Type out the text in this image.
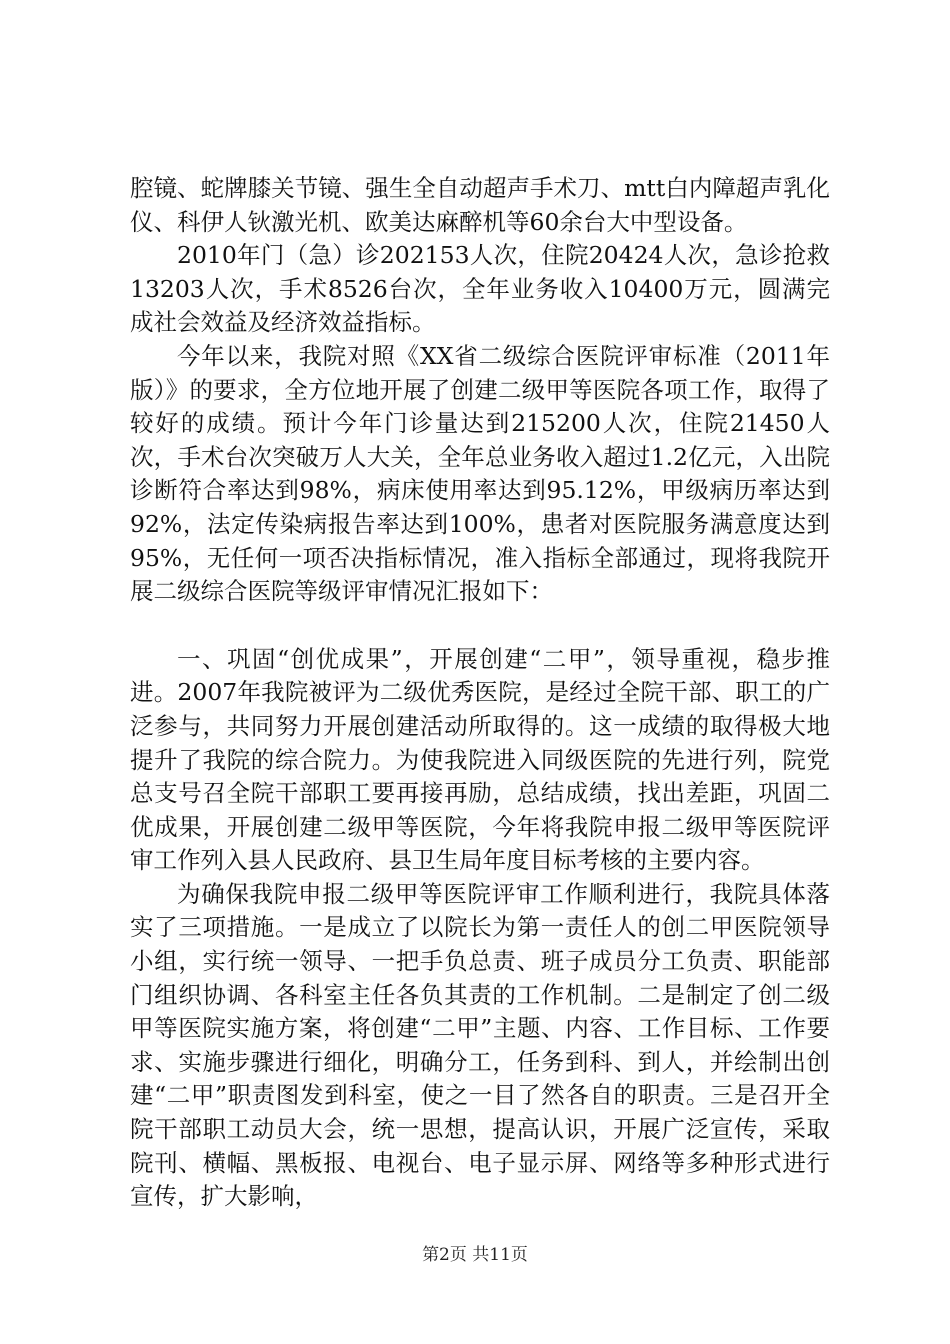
腔镜、蛇牌膝关节镜、强生全自动超声手术刀、mtt白内障超声乳化仪、科伊人钬激光机、欧美达麻醉机等60余台大中型设备。

2010年门（急）诊202153人次，住院20424人次，急诊抢救13203人次，手术8526台次，全年业务收入10400万元，圆满完成社会效益及经济效益指标。

今年以来，我院对照《XX省二级综合医院评审标准（2011年版）》的要求，全方位地开展了创建二级甲等医院各项工作，取得了较好的成绩。预计今年门诊量达到215200人次，住院21450人次，手术台次突破万人大关，全年总业务收入超过1.2亿元，入出院诊断符合率达到98%，病床使用率达到95.12%，甲级病历率达到92%，法定传染病报告率达到100%，患者对医院服务满意度达到95%，无任何一项否决指标情况，准入指标全部通过，现将我院开展二级综合医院等级评审情况汇报如下：

一、巩固“创优成果”，开展创建“二甲”，领导重视，稳步推进。2007年我院被评为二级优秀医院，是经过全院干部、职工的广泛参与，共同努力开展创建活动所取得的。这一成绩的取得极大地提升了我院的综合院力。为使我院进入同级医院的先进行列，院党总支号召全院干部职工要再接再励，总结成绩，找出差距，巩固二优成果，开展创建二级甲等医院，今年将我院申报二级甲等医院评审工作列入县人民政府、县卫生局年度目标考核的主要内容。

为确保我院申报二级甲等医院评审工作顺利进行，我院具体落实了三项措施。一是成立了以院长为第一责任人的创二甲医院领导小组，实行统一领导、一把手负总责、班子成员分工负责、职能部门组织协调、各科室主任各负其责的工作机制。二是制定了创二级甲等医院实施方案，将创建“二甲”主题、内容、工作目标、工作要求、实施步骤进行细化，明确分工，任务到科、到人，并绘制出创建“二甲”职责图发到科室，使之一目了然各自的职责。三是召开全院干部职工动员大会，统一思想，提高认识，开展广泛宣传，采取院刊、横幅、黑板报、电视台、电子显示屏、网络等多种形式进行宣传，扩大影响，

第2页 共11页
